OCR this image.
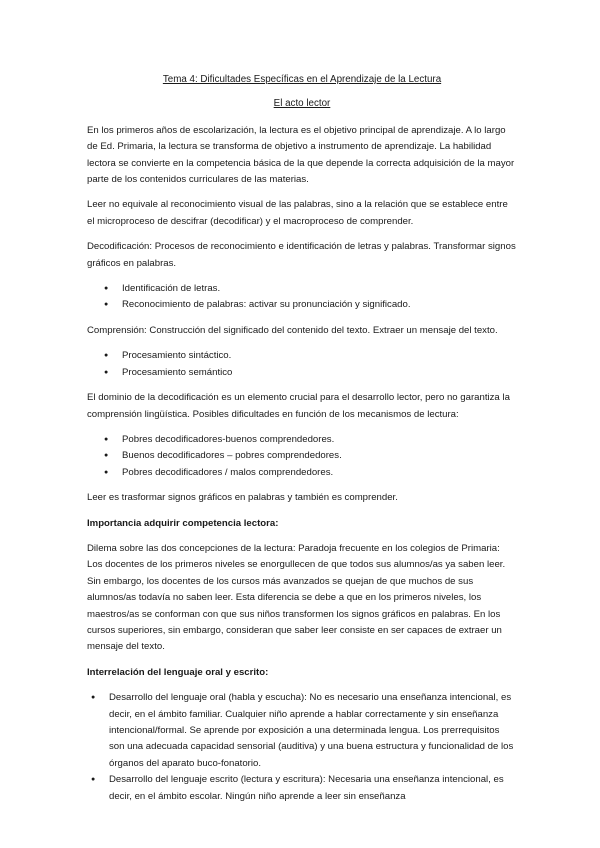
Tema 4: Dificultades Específicas en el Aprendizaje de la Lectura
El acto lector

En los primeros años de escolarización, la lectura es el objetivo principal de aprendizaje. A lo largo de Ed. Primaria, la lectura se transforma de objetivo a instrumento de aprendizaje. La habilidad lectora se convierte en la competencia básica de la que depende la correcta adquisición de la mayor parte de los contenidos curriculares de las materias.

Leer no equivale al reconocimiento visual de las palabras, sino a la relación que se establece entre el microproceso de descifrar (decodificar) y el macroproceso de comprender.

Decodificación: Procesos de reconocimiento e identificación de letras y palabras. Transformar signos gráficos en palabras.

● Identificación de letras.
● Reconocimiento de palabras: activar su pronunciación y significado.

Comprensión: Construcción del significado del contenido del texto. Extraer un mensaje del texto.

● Procesamiento sintáctico.
● Procesamiento semántico

El dominio de la decodificación es un elemento crucial para el desarrollo lector, pero no garantiza la comprensión lingüística. Posibles dificultades en función de los mecanismos de lectura:

● Pobres decodificadores-buenos comprendedores.
● Buenos decodificadores – pobres comprendedores.
● Pobres decodificadores / malos comprendedores.

Leer es trasformar signos gráficos en palabras y también es comprender.

Importancia adquirir competencia lectora:

Dilema sobre las dos concepciones de la lectura: Paradoja frecuente en los colegios de Primaria: Los docentes de los primeros niveles se enorgullecen de que todos sus alumnos/as ya saben leer. Sin embargo, los docentes de los cursos más avanzados se quejan de que muchos de sus alumnos/as todavía no saben leer. Esta diferencia se debe a que en los primeros niveles, los maestros/as se conforman con que sus niños transformen los signos gráficos en palabras. En los cursos superiores, sin embargo, consideran que saber leer consiste en ser capaces de extraer un mensaje del texto.

Interrelación del lenguaje oral y escrito:
● Desarrollo del lenguaje oral (habla y escucha): No es necesario una enseñanza intencional, es decir, en el ámbito familiar. Cualquier niño aprende a hablar correctamente y sin enseñanza intencional/formal. Se aprende por exposición a una determinada lengua. Los prerrequisitos son una adecuada capacidad sensorial (auditiva) y una buena estructura y funcionalidad de los órganos del aparato buco-fonatorio.
● Desarrollo del lenguaje escrito (lectura y escritura): Necesaria una enseñanza intencional, es decir, en el ámbito escolar. Ningún niño aprende a leer sin enseñanza
